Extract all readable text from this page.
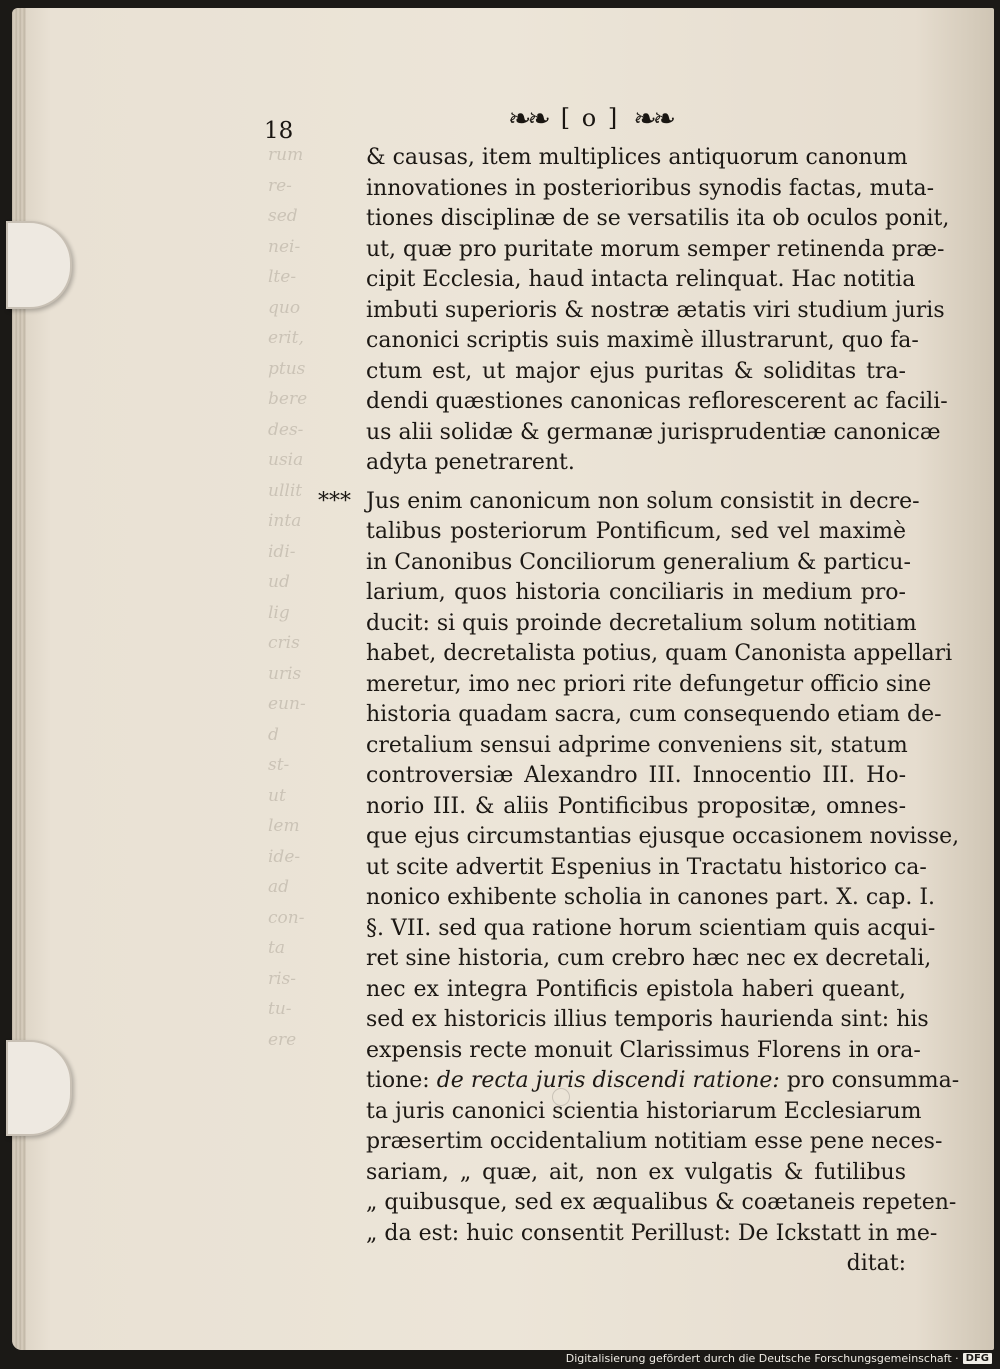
rum
re-
sed
nei-
lte-
quo
erit,
ptus
bere
des-
usia
ullit
inta
idi-
ud
lig
cris
uris
eun-
d
st-
ut
lem
ide-
ad
con-
ta
ris-
tu-
ere
18	❧❧ [ o ] ❧❧
& causas, item multiplices antiquorum canonum
innovationes in posterioribus synodis factas, muta-
tiones disciplinæ de se versatilis ita ob oculos ponit,
ut, quæ pro puritate morum semper retinenda præ-
cipit Ecclesia, haud intacta relinquat. Hac notitia
imbuti superioris & nostræ ætatis viri studium juris
canonici scriptis suis maximè illustrarunt, quo fa-
ctum est, ut major ejus puritas & soliditas tra-
dendi quæstiones canonicas reflorescerent ac facili-
us alii solidæ & germanæ jurisprudentiæ canonicæ
adyta penetrarent.
*** Jus enim canonicum non solum consistit in decre-
talibus posteriorum Pontificum, sed vel maximè
in Canonibus Conciliorum generalium & particu-
larium, quos historia conciliaris in medium pro-
ducit: si quis proinde decretalium solum notitiam
habet, decretalista potius, quam Canonista appellari
meretur, imo nec priori rite defungetur officio sine
historia quadam sacra, cum consequendo etiam de-
cretalium sensui adprime conveniens sit, statum
controversiæ Alexandro III. Innocentio III. Ho-
norio III. & aliis Pontificibus propositæ, omnes-
que ejus circumstantias ejusque occasionem novisse,
ut scite advertit Espenius in Tractatu historico ca-
nonico exhibente scholia in canones part. X. cap. I.
§. VII. sed qua ratione horum scientiam quis acqui-
ret sine historia, cum crebro hæc nec ex decretali,
nec ex integra Pontificis epistola haberi queant,
sed ex historicis illius temporis haurienda sint: his
expensis recte monuit Clarissimus Florens in ora-
tione: de recta juris discendi ratione: pro consumma-
ta juris canonici scientia historiarum Ecclesiarum
præsertim occidentalium notitiam esse pene neces-
sariam, „ quæ, ait, non ex vulgatis & futilibus
„ quibusque, sed ex æqualibus & coætaneis repeten-
„ da est: huic consentit Perillust: De Ickstatt in me-
ditat:
Digitalisierung gefördert durch die Deutsche Forschungsgemeinschaft · DFG
